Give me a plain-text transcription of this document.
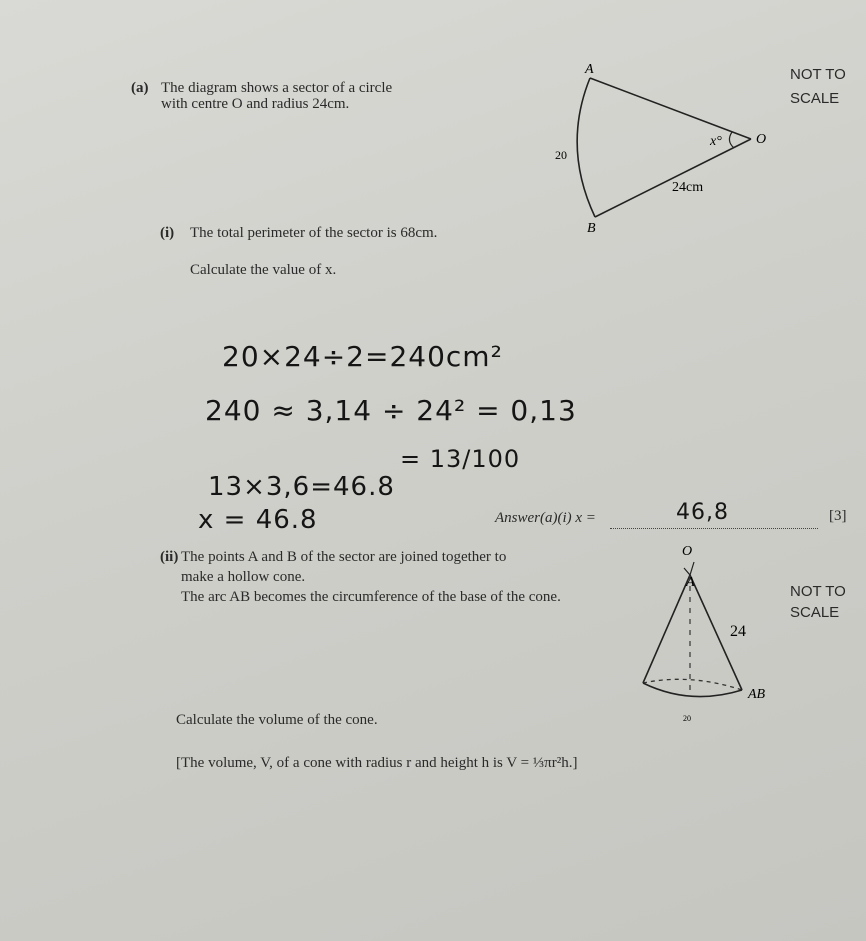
(a) The diagram shows a sector of a circle
with centre O and radius 24cm.
NOT TO
SCALE
A
O
B
x°
24cm
20
(i) The total perimeter of the sector is 68cm.
Calculate the value of x.
20×24÷2=240cm²
240 ≈ 3,14 ÷ 24² = 0,13
= 13/100
13×3,6=46.8
x = 46.8	Answer(a)(i) x =	46,8	[3]
(ii) The points A and B of the sector are joined together to
make a hollow cone.
The arc AB becomes the circumference of the base of the cone.	NOT TO
SCALE
O
A
AB
24
20
Calculate the volume of the cone.
[The volume, V, of a cone with radius r and height h is V = ⅓πr²h.]
